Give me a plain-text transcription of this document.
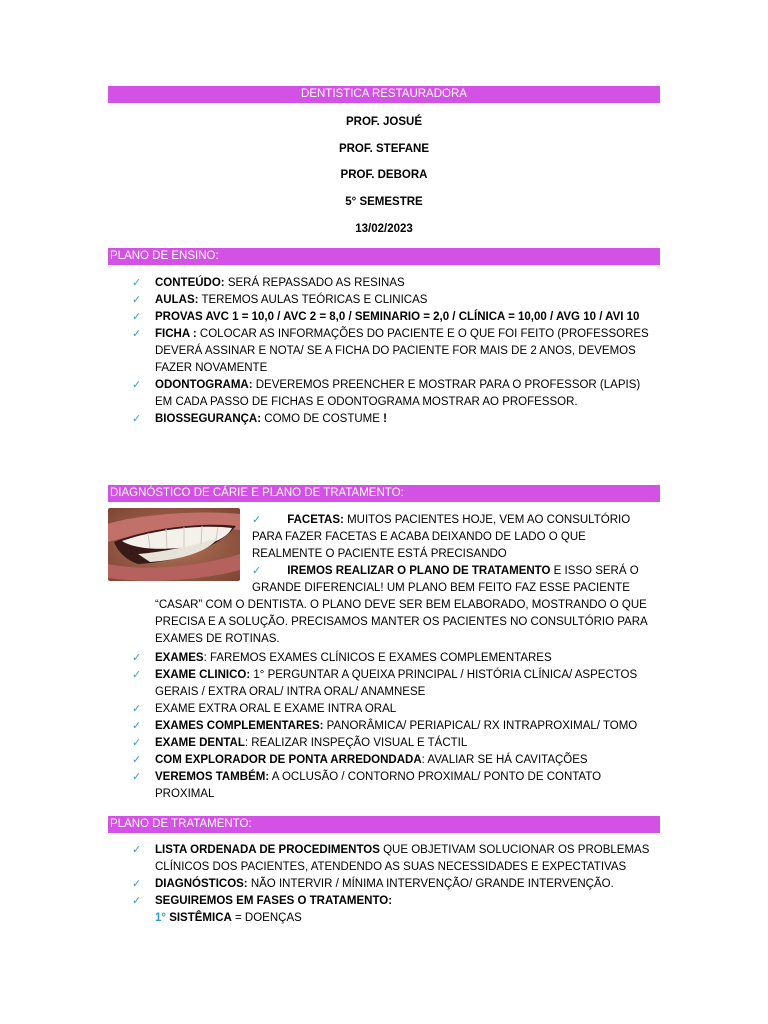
DENTISTICA RESTAURADORA
PROF. JOSUÉ
PROF. STEFANE
PROF. DEBORA
5° SEMESTRE
13/02/2023
PLANO DE ENSINO:
✓ CONTEÚDO: SERÁ REPASSADO AS RESINAS
✓ AULAS: TEREMOS AULAS TEÓRICAS E CLINICAS
✓ PROVAS AVC 1 = 10,0 / AVC 2 = 8,0 / SEMINARIO = 2,0 / CLÍNICA = 10,00 / AVG 10 / AVI 10
✓ FICHA : COLOCAR AS INFORMAÇÕES DO PACIENTE E O QUE FOI FEITO (PROFESSORES DEVERÁ ASSINAR E NOTA/ SE A FICHA DO PACIENTE FOR MAIS DE 2 ANOS, DEVEMOS FAZER NOVAMENTE
✓ ODONTOGRAMA: DEVEREMOS PREENCHER E MOSTRAR PARA O PROFESSOR (LAPIS) EM CADA PASSO DE FICHAS E ODONTOGRAMA MOSTRAR AO PROFESSOR.
✓ BIOSSEGURANÇA: COMO DE COSTUME !
DIAGNÓSTICO DE CÁRIE E PLANO DE TRATAMENTO:
✓ FACETAS: MUITOS PACIENTES HOJE, VEM AO CONSULTÓRIO PARA FAZER FACETAS E ACABA DEIXANDO DE LADO O QUE REALMENTE O PACIENTE ESTÁ PRECISANDO
✓ IREMOS REALIZAR O PLANO DE TRATAMENTO E ISSO SERÁ O GRANDE DIFERENCIAL! UM PLANO BEM FEITO FAZ ESSE PACIENTE
“CASAR” COM O DENTISTA. O PLANO DEVE SER BEM ELABORADO, MOSTRANDO O QUE PRECISA E A SOLUÇÃO. PRECISAMOS MANTER OS PACIENTES NO CONSULTÓRIO PARA EXAMES DE ROTINAS.
✓ EXAMES: FAREMOS EXAMES CLÍNICOS E EXAMES COMPLEMENTARES
✓ EXAME CLINICO: 1° PERGUNTAR A QUEIXA PRINCIPAL / HISTÓRIA CLÍNICA/ ASPECTOS GERAIS / EXTRA ORAL/ INTRA ORAL/ ANAMNESE
✓ EXAME EXTRA ORAL E EXAME INTRA ORAL
✓ EXAMES COMPLEMENTARES: PANORÂMICA/ PERIAPICAL/ RX INTRAPROXIMAL/ TOMO
✓ EXAME DENTAL: REALIZAR INSPEÇÃO VISUAL E TÁCTIL
✓ COM EXPLORADOR DE PONTA ARREDONDADA: AVALIAR SE HÁ CAVITAÇÕES
✓ VEREMOS TAMBÉM: A OCLUSÃO / CONTORNO PROXIMAL/ PONTO DE CONTATO PROXIMAL
PLANO DE TRATAMENTO:
✓ LISTA ORDENADA DE PROCEDIMENTOS QUE OBJETIVAM SOLUCIONAR OS PROBLEMAS CLÍNICOS DOS PACIENTES, ATENDENDO AS SUAS NECESSIDADES E EXPECTATIVAS
✓ DIAGNÓSTICOS: NÃO INTERVIR / MÍNIMA INTERVENÇÃO/ GRANDE INTERVENÇÃO.
✓ SEGUIREMOS EM FASES O TRATAMENTO:
1° SISTÊMICA = DOENÇAS
